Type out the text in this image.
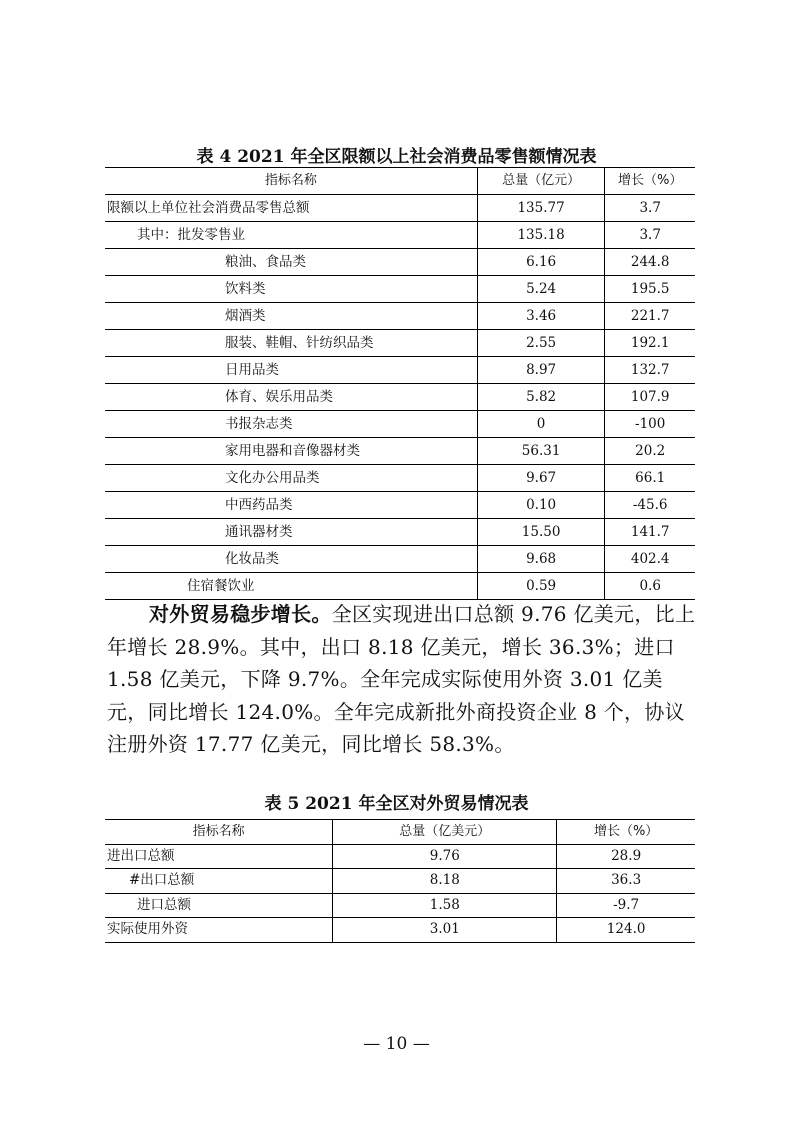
表 4 2021 年全区限额以上社会消费品零售额情况表
指标名称	总量（亿元）	增长（%）
限额以上单位社会消费品零售总额	135.77	3.7
其中：批发零售业	135.18	3.7
粮油、食品类	6.16	244.8
饮料类	5.24	195.5
烟酒类	3.46	221.7
服装、鞋帽、针纺织品类	2.55	192.1
日用品类	8.97	132.7
体育、娱乐用品类	5.82	107.9
书报杂志类	0	-100
家用电器和音像器材类	56.31	20.2
文化办公用品类	9.67	66.1
中西药品类	0.10	-45.6
通讯器材类	15.50	141.7
化妆品类	9.68	402.4
住宿餐饮业	0.59	0.6

对外贸易稳步增长。全区实现进出口总额 9.76 亿美元，比上年增长 28.9%。其中，出口 8.18 亿美元，增长 36.3%；进口 1.58 亿美元，下降 9.7%。全年完成实际使用外资 3.01 亿美元，同比增长 124.0%。全年完成新批外商投资企业 8 个，协议注册外资 17.77 亿美元，同比增长 58.3%。

表 5 2021 年全区对外贸易情况表
指标名称	总量（亿美元）	增长（%）
进出口总额	9.76	28.9
#出口总额	8.18	36.3
进口总额	1.58	-9.7
实际使用外资	3.01	124.0
— 10 —
